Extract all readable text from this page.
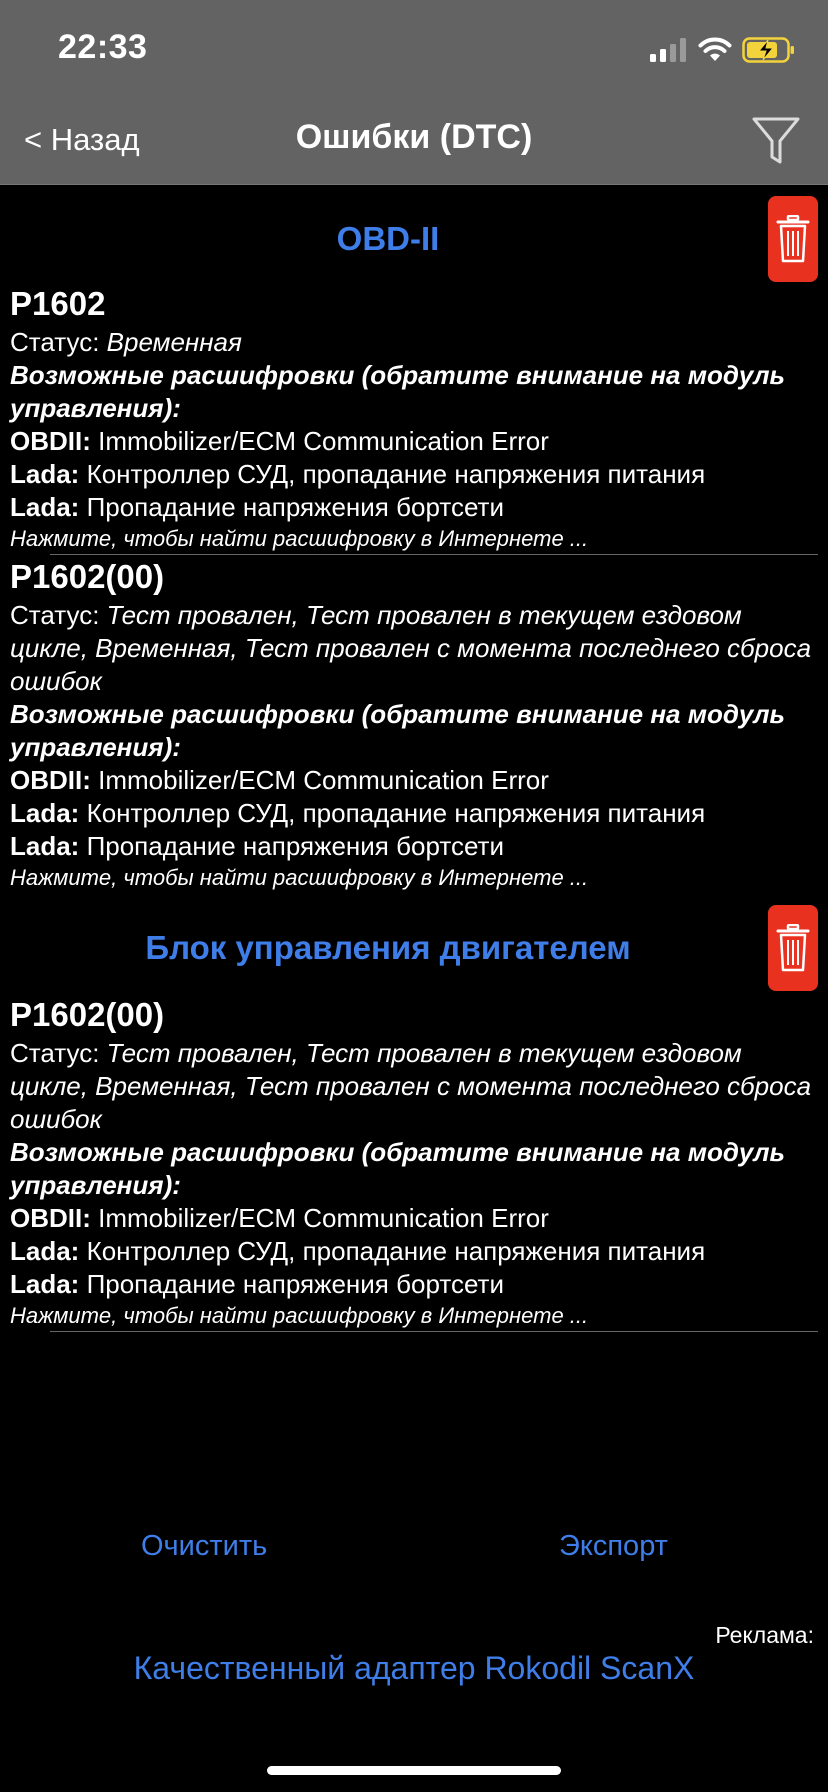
22:33
< Назад	Ошибки (DTC)
OBD-II
P1602
Статус: Временная
Возможные расшифровки (обратите внимание на модуль управления):
OBDII: Immobilizer/ECM Communication Error
Lada: Контроллер СУД, пропадание напряжения питания
Lada: Пропадание напряжения бортсети
Нажмите, чтобы найти расшифровку в Интернете ...
P1602(00)
Статус: Тест провален, Тест провален в текущем ездовом цикле, Временная, Тест провален с момента последнего сброса ошибок
Возможные расшифровки (обратите внимание на модуль управления):
OBDII: Immobilizer/ECM Communication Error
Lada: Контроллер СУД, пропадание напряжения питания
Lada: Пропадание напряжения бортсети
Нажмите, чтобы найти расшифровку в Интернете ...
Блок управления двигателем
P1602(00)
Статус: Тест провален, Тест провален в текущем ездовом цикле, Временная, Тест провален с момента последнего сброса ошибок
Возможные расшифровки (обратите внимание на модуль управления):
OBDII: Immobilizer/ECM Communication Error
Lada: Контроллер СУД, пропадание напряжения питания
Lada: Пропадание напряжения бортсети
Нажмите, чтобы найти расшифровку в Интернете ...
Очистить	Экспорт
Реклама:
Качественный адаптер Rokodil ScanX
